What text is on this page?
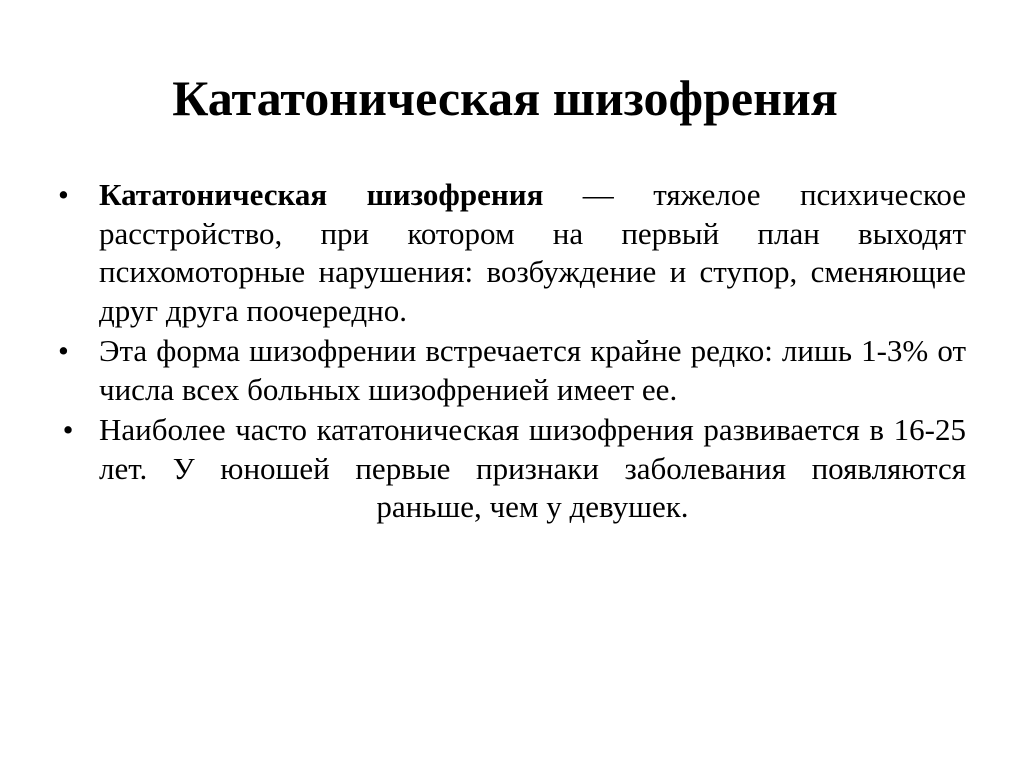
Кататоническая шизофрения
• Кататоническая шизофрения — тяжелое психическое расстройство, при котором на первый план выходят психомоторные нарушения: возбуждение и ступор, сменяющие друг друга поочередно.
• Эта форма шизофрении встречается крайне редко: лишь 1-3% от числа всех больных шизофренией имеет ее.
• Наиболее часто кататоническая шизофрения развивается в 16-25 лет. У юношей первые признаки заболевания появляются раньше, чем у девушек.
